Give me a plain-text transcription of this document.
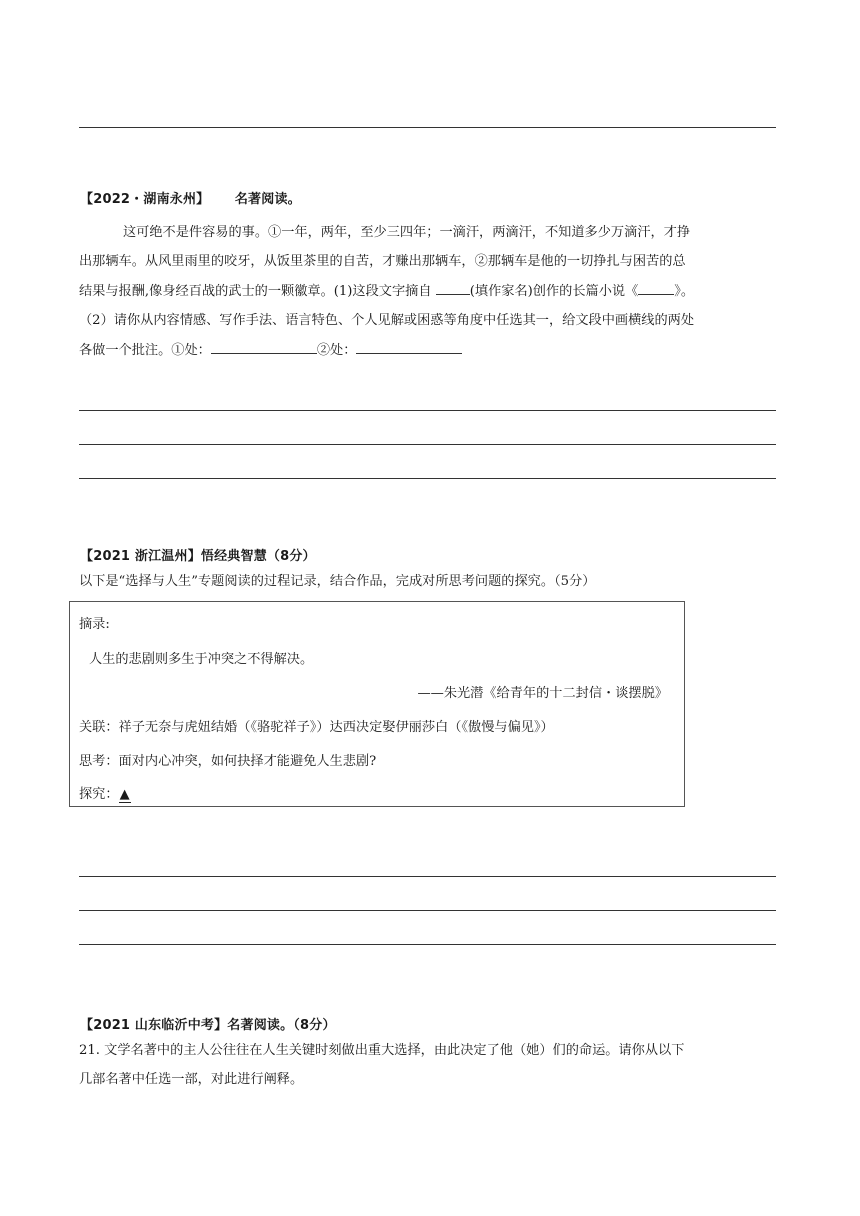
【2022・湖南永州】 名著阅读。
这可绝不是件容易的事。①一年，两年，至少三四年；一滴汗，两滴汗，不知道多少万滴汗，才挣
出那辆车。从风里雨里的咬牙，从饭里茶里的自苦，才赚出那辆车，②那辆车是他的一切挣扎与困苦的总
结果与报酬,像身经百战的武士的一颗徽章。(1)这段文字摘自	(填作家名)创作的长篇小说《	》。
（2）请你从内容情感、写作手法、语言特色、个人见解或困惑等角度中任选其一，给文段中画横线的两处
各做一个批注。①处：	②处：
【2021 浙江温州】悟经典智慧（8分）
以下是“选择与人生”专题阅读的过程记录，结合作品，完成对所思考问题的探究。（5分）
摘录:
人生的悲剧则多生于冲突之不得解决。
——朱光潜《给青年的十二封信・谈摆脱》
关联：祥子无奈与虎妞结婚（《骆驼祥子》）达西决定娶伊丽莎白（《傲慢与偏见》）
思考：面对内心冲突，如何抉择才能避免人生悲剧?
探究：▲
【2021 山东临沂中考】名著阅读。（8分）
21. 文学名著中的主人公往往在人生关键时刻做出重大选择，由此决定了他（她）们的命运。请你从以下
几部名著中任选一部，对此进行阐释。
